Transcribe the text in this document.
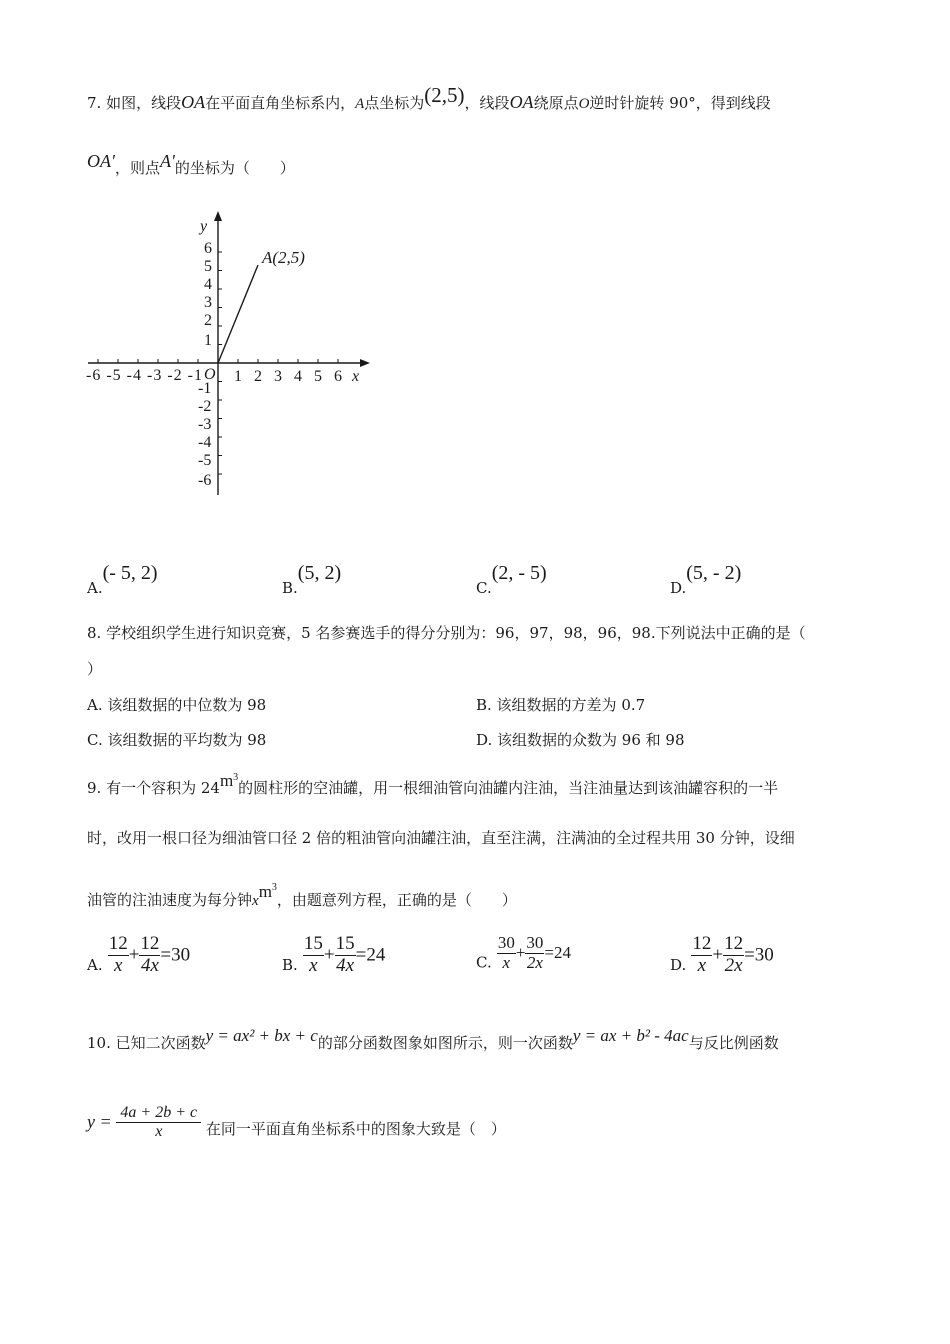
7. 如图，线段OA在平面直角坐标系内，A点坐标为(2,5)，线段OA绕原点O逆时针旋转 90°，得到线段
OA′，则点A′的坐标为（　　）
y
x
O
A(2,5)
6
5
4
3
2
1
-1
-2
-3
-4
-5
-6
-6 -5 -4 -3 -2 -1 1 2 3 4 5 6
A.(- 5, 2)
B.(5, 2)
C.(2, - 5)
D.(5, - 2)
8. 学校组织学生进行知识竞赛，5 名参赛选手的得分分别为：96，97，98，96，98.下列说法中正确的是（
）
A. 该组数据的中位数为 98	B. 该组数据的方差为 0.7
C. 该组数据的平均数为 98	D. 该组数据的众数为 96 和 98
9. 有一个容积为 $24m^3$的圆柱形的空油罐，用一根细油管向油罐内注油，当注油量达到该油罐容积的一半
时，改用一根口径为细油管口径 2 倍的粗油管向油罐注油，直至注满，注满油的全过程共用 30 分钟，设细
油管的注油速度为每分钟$xm^3$，由题意列方程，正确的是（　　）
A. $\frac{12}{x} + \frac{12}{4x} =30$	B. $\frac{15}{x} + \frac{15}{4x} =24$	C. $\frac{30}{x} + \frac{30}{2x} =24$
D. $\frac{12}{x} + \frac{12}{2x} =30$
10. 已知二次函数y = ax² + bx + c的部分函数图象如图所示，则一次函数y = ax + b² - 4ac与反比例函数
$y = \frac{4a + 2b + c}{x}$ 在同一平面直角坐标系中的图象大致是（　）
